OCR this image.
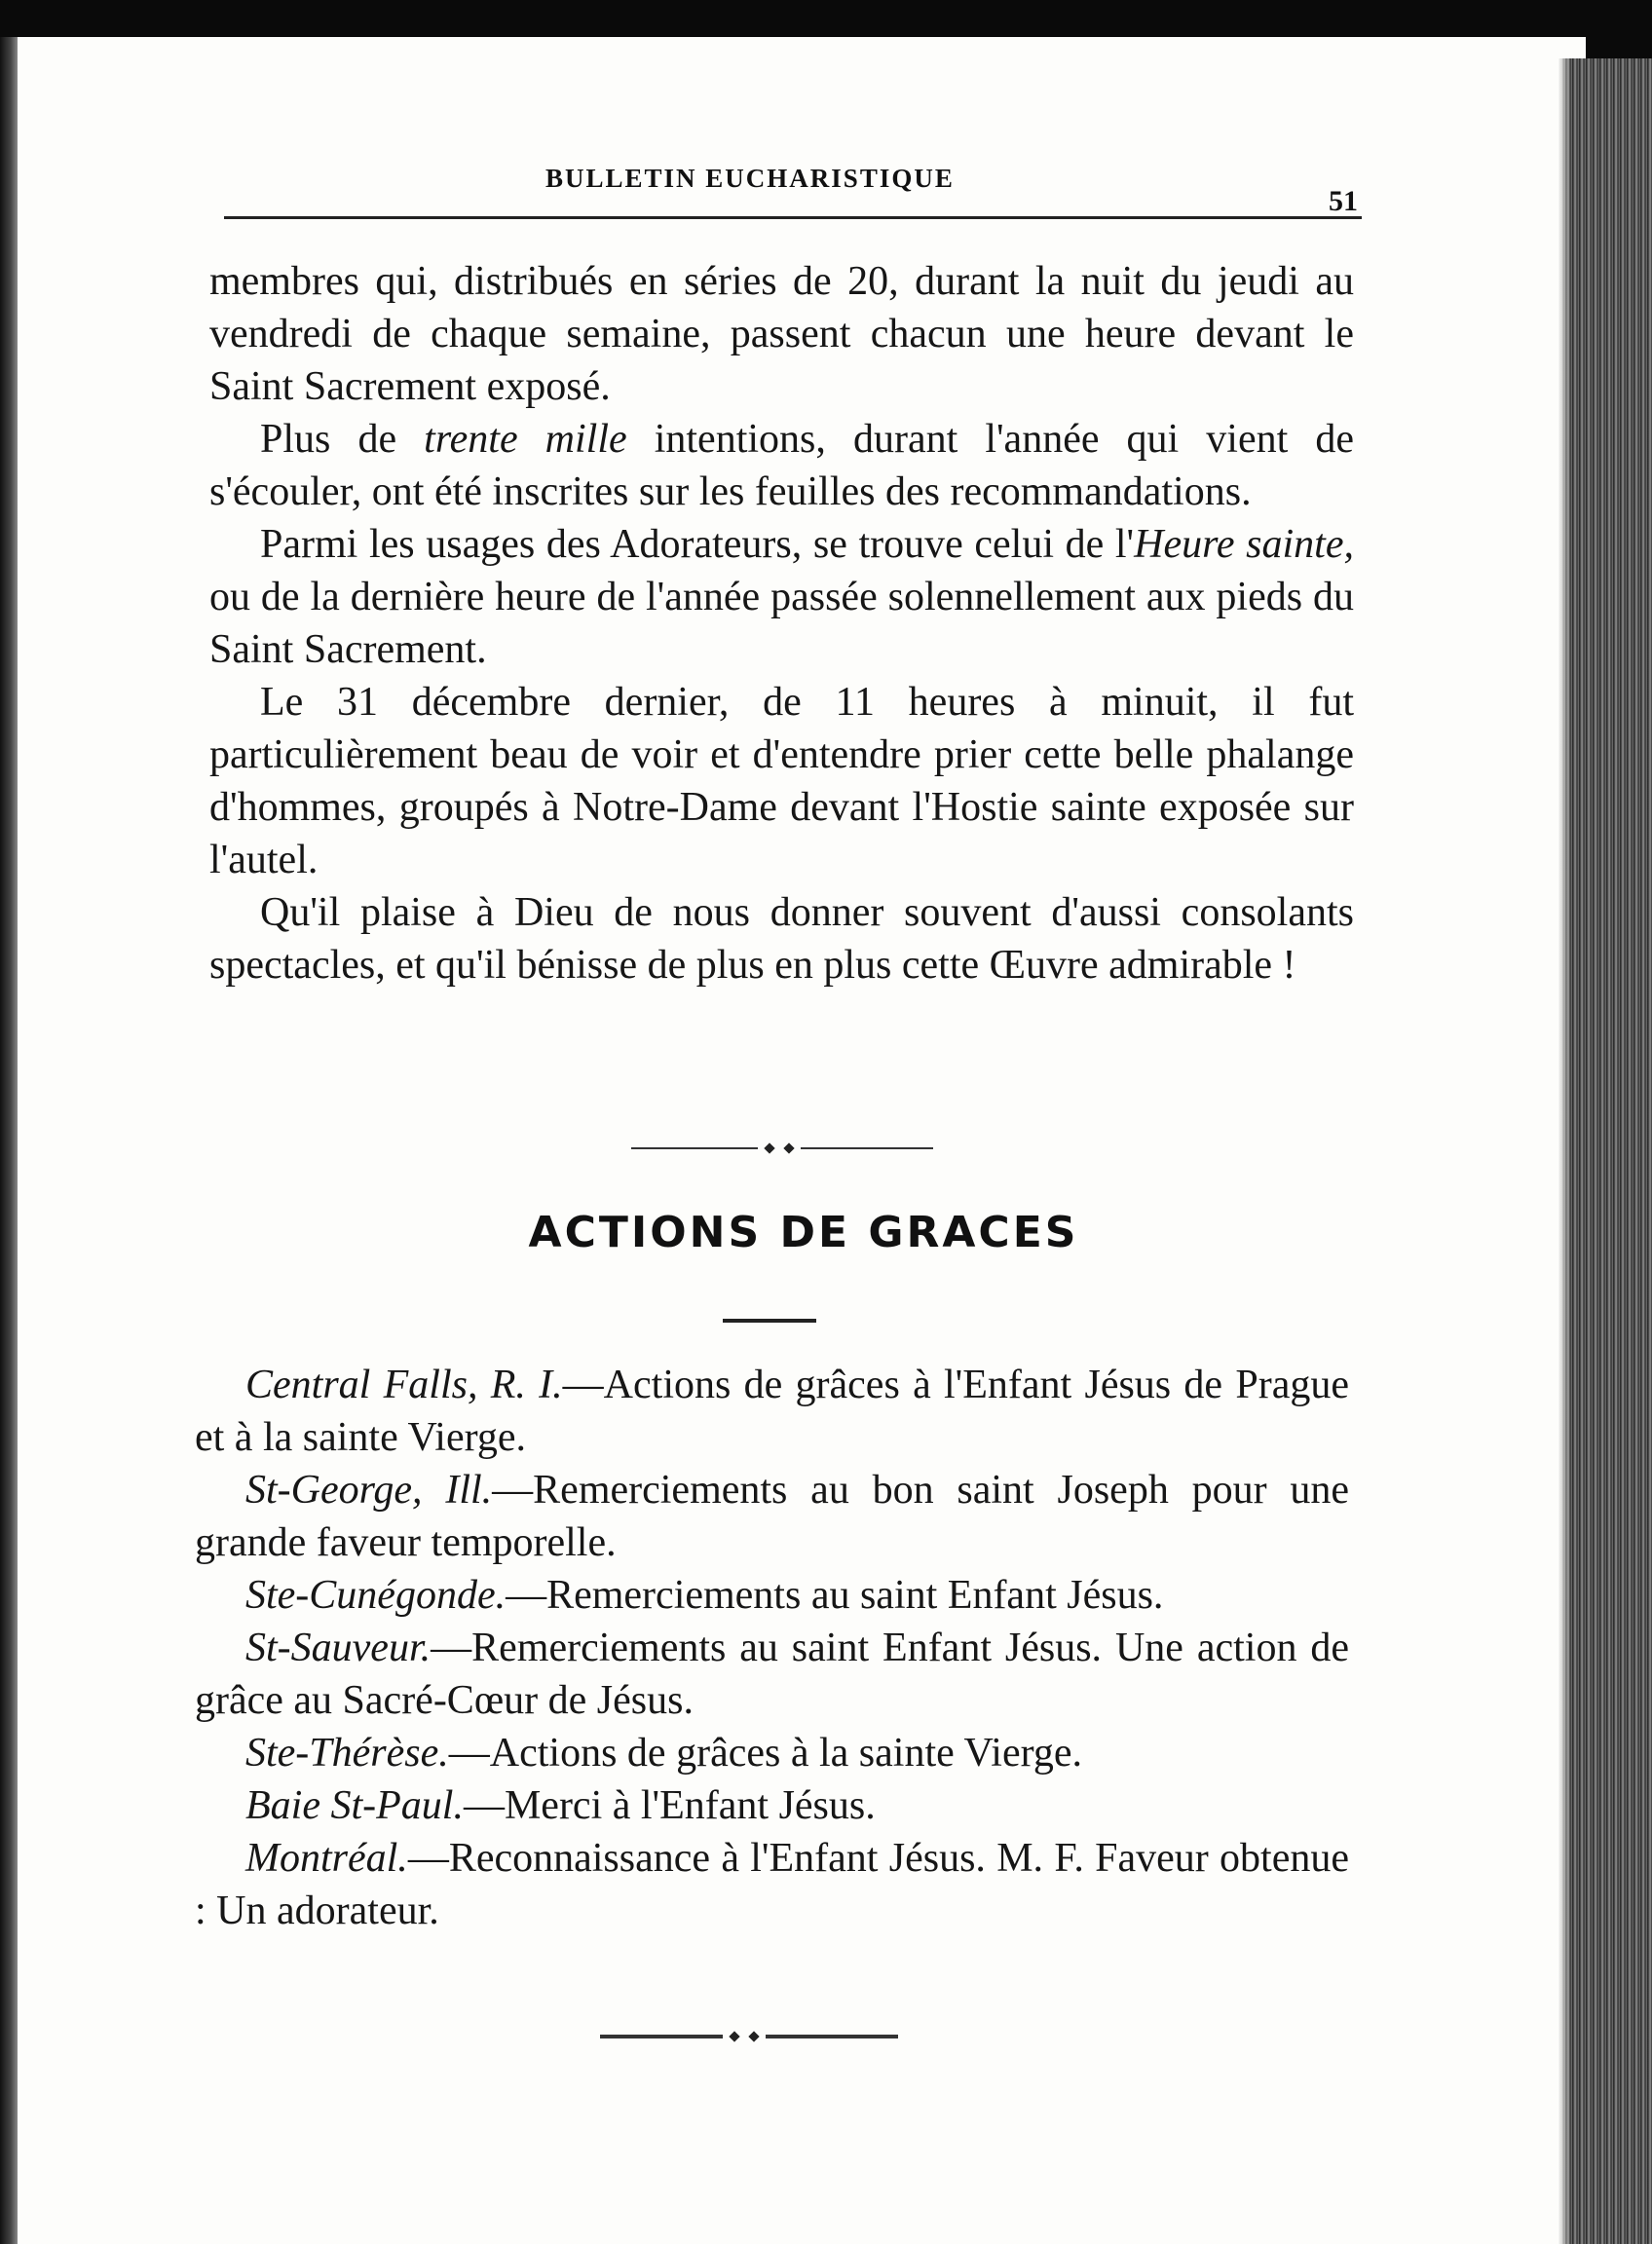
BULLETIN EUCHARISTIQUE
51

membres qui, distribués en séries de 20, durant la nuit du jeudi au vendredi de chaque semaine, passent chacun une heure devant le Saint Sacrement exposé.

Plus de trente mille intentions, durant l'année qui vient de s'écouler, ont été inscrites sur les feuilles des recommandations.

Parmi les usages des Adorateurs, se trouve celui de l'Heure sainte, ou de la dernière heure de l'année passée solennellement aux pieds du Saint Sacrement.

Le 31 décembre dernier, de 11 heures à minuit, il fut particulièrement beau de voir et d'entendre prier cette belle phalange d'hommes, groupés à Notre-Dame devant l'Hostie sainte exposée sur l'autel.

Qu'il plaise à Dieu de nous donner souvent d'aussi consolants spectacles, et qu'il bénisse de plus en plus cette Œuvre admirable !

ACTIONS DE GRACES

Central Falls, R. I.—Actions de grâces à l'Enfant Jésus de Prague et à la sainte Vierge.

St-George, Ill.—Remerciements au bon saint Joseph pour une grande faveur temporelle.

Ste-Cunégonde.—Remerciements au saint Enfant Jésus.

St-Sauveur.—Remerciements au saint Enfant Jésus. Une action de grâce au Sacré-Cœur de Jésus.

Ste-Thérèse.—Actions de grâces à la sainte Vierge.

Baie St-Paul.—Merci à l'Enfant Jésus.

Montréal.—Reconnaissance à l'Enfant Jésus. M. F. Faveur obtenue : Un adorateur.
